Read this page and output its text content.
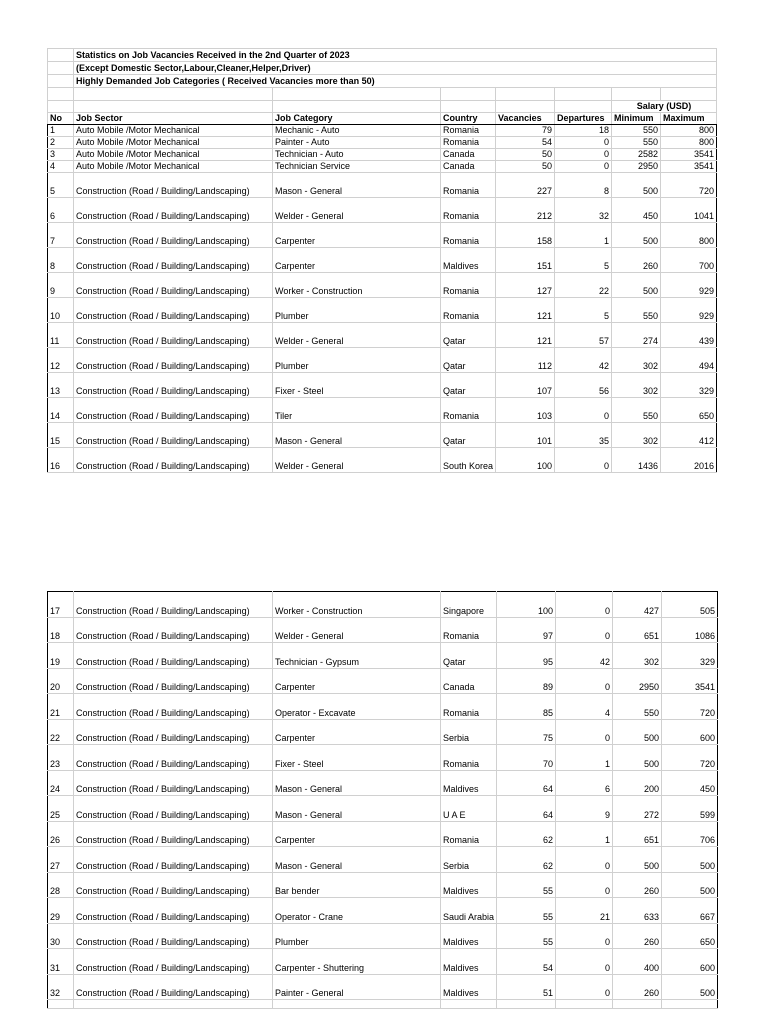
	Statistics on Job Vacancies Received in the 2nd Quarter of 2023						
	(Except Domestic Sector,Labour,Cleaner,Helper,Driver)						
	Highly Demanded Job Categories ( Received Vacancies more than 50)						

						Salary (USD)	
No	Job Sector	Job Category	Country	Vacancies	Departures	Minimum	Maximum
1	Auto Mobile /Motor Mechanical	Mechanic - Auto	Romania	79	18	550	800
2	Auto Mobile /Motor Mechanical	Painter - Auto	Romania	54	0	550	800
3	Auto Mobile /Motor Mechanical	Technician - Auto	Canada	50	0	2582	3541
4	Auto Mobile /Motor Mechanical	Technician Service	Canada	50	0	2950	3541
5	Construction (Road / Building/Landscaping)	Mason - General	Romania	227	8	500	720
6	Construction (Road / Building/Landscaping)	Welder - General	Romania	212	32	450	1041
7	Construction (Road / Building/Landscaping)	Carpenter	Romania	158	1	500	800
8	Construction (Road / Building/Landscaping)	Carpenter	Maldives	151	5	260	700
9	Construction (Road / Building/Landscaping)	Worker - Construction	Romania	127	22	500	929
10	Construction (Road / Building/Landscaping)	Plumber	Romania	121	5	550	929
11	Construction (Road / Building/Landscaping)	Welder - General	Qatar	121	57	274	439
12	Construction (Road / Building/Landscaping)	Plumber	Qatar	112	42	302	494
13	Construction (Road / Building/Landscaping)	Fixer - Steel	Qatar	107	56	302	329
14	Construction (Road / Building/Landscaping)	Tiler	Romania	103	0	550	650
15	Construction (Road / Building/Landscaping)	Mason - General	Qatar	101	35	302	412
16	Construction (Road / Building/Landscaping)	Welder - General	South Korea	100	0	1436	2016
17	Construction (Road / Building/Landscaping)	Worker - Construction	Singapore	100	0	427	505
18	Construction (Road / Building/Landscaping)	Welder - General	Romania	97	0	651	1086
19	Construction (Road / Building/Landscaping)	Technician - Gypsum	Qatar	95	42	302	329
20	Construction (Road / Building/Landscaping)	Carpenter	Canada	89	0	2950	3541
21	Construction (Road / Building/Landscaping)	Operator - Excavate	Romania	85	4	550	720
22	Construction (Road / Building/Landscaping)	Carpenter	Serbia	75	0	500	600
23	Construction (Road / Building/Landscaping)	Fixer - Steel	Romania	70	1	500	720
24	Construction (Road / Building/Landscaping)	Mason - General	Maldives	64	6	200	450
25	Construction (Road / Building/Landscaping)	Mason - General	U A E	64	9	272	599
26	Construction (Road / Building/Landscaping)	Carpenter	Romania	62	1	651	706
27	Construction (Road / Building/Landscaping)	Mason - General	Serbia	62	0	500	500
28	Construction (Road / Building/Landscaping)	Bar bender	Maldives	55	0	260	500
29	Construction (Road / Building/Landscaping)	Operator - Crane	Saudi Arabia	55	21	633	667
30	Construction (Road / Building/Landscaping)	Plumber	Maldives	55	0	260	650
31	Construction (Road / Building/Landscaping)	Carpenter - Shuttering	Maldives	54	0	400	600
32	Construction (Road / Building/Landscaping)	Painter - General	Maldives	51	0	260	500
